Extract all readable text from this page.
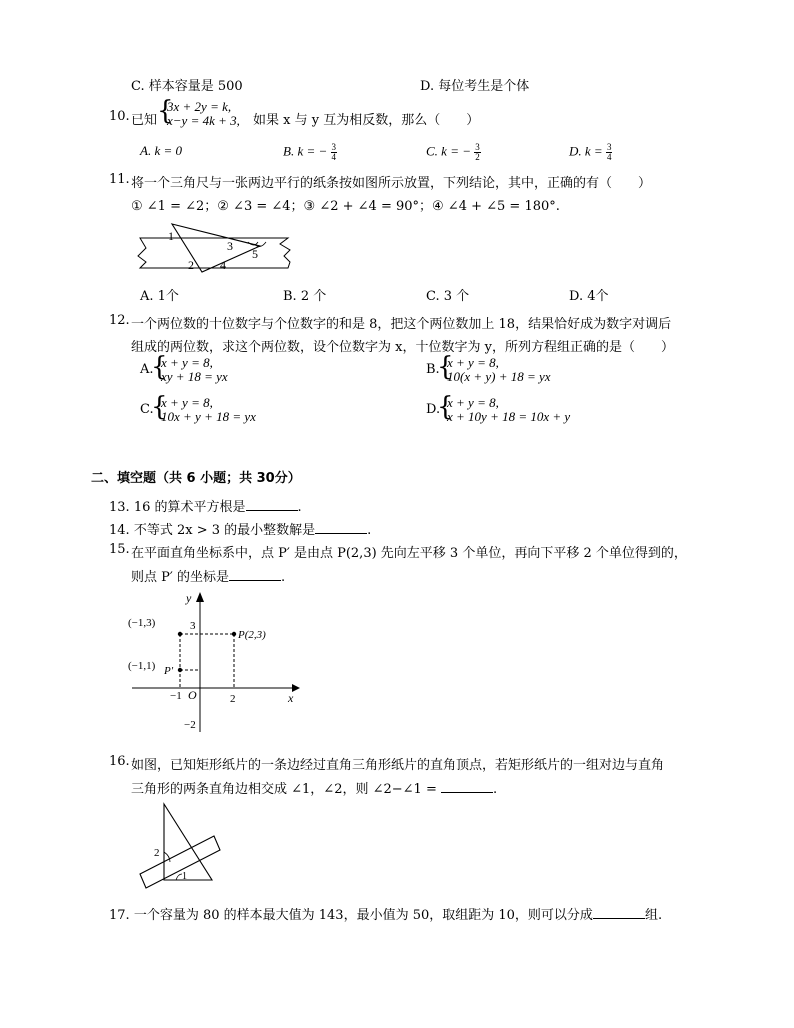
C. 样本容量是 500	D. 每位考生是个体
10. 已知 {
3x + 2y = k,
x−y = 4k + 3, 如果 x 与 y 互为相反数，那么（　　）
A. k = 0	B. k = − $\frac{3}{4}$	C. k = − $\frac{3}{2}$	D. $k = \frac{3}{4}$
11. 将一个三角尺与一张两边平行的纸条按如图所示放置，下列结论，其中，正确的有（　　）
① ∠1 = ∠2；② ∠3 = ∠4；③ ∠2 + ∠4 = 90°；④ ∠4 + ∠5 = 180°.
1
2
3
4
5
A. 1个	B. 2 个	C. 3 个	D. 4个
12. 一个两位数的十位数字与个位数字的和是 8，把这个两位数加上 18，结果恰好成为数字对调后
组成的两位数，求这个两位数，设个位数字为 x，十位数字为 y，所列方程组正确的是（　　）
A.
{
x + y = 8,
xy + 18 = yx	B.
{
x + y = 8,
10(x + y) + 18 = yx
C.
{
x + y = 8,
10x + y + 18 = yx	D.
{
x + y = 8,
x + 10y + 18 = 10x + y
二、填空题（共 6 小题；共 30分）
13. 16 的算术平方根是	.
14. 不等式 2x > 3 的最小整数解是	.
15. 在平面直角坐标系中，点 P′ 是由点 P(2,3) 先向左平移 3 个单位，再向下平移 2 个单位得到的，
则点 P′ 的坐标是	.
y
x
O
(−1,3)
(−1,1) P′
P(2,3)
3
−1	2
−2
16. 如图，已知矩形纸片的一条边经过直角三角形纸片的直角顶点，若矩形纸片的一组对边与直角
三角形的两条直角边相交成 ∠1，∠2，则 ∠2−∠1 =	.
2
1
17. 一个容量为 80 的样本最大值为 143，最小值为 50，取组距为 10，则可以分成	组.
